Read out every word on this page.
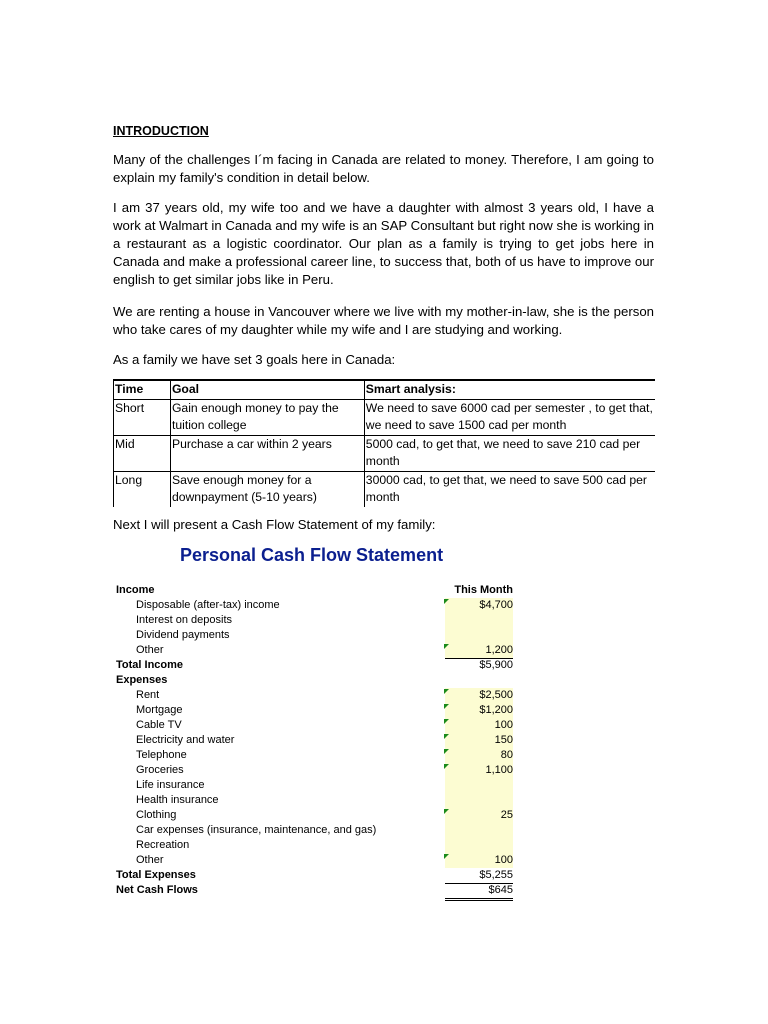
INTRODUCTION

Many of the challenges I´m facing in Canada are related to money. Therefore, I am going to explain my family's condition in detail below.

I am 37 years old, my wife too and we have a daughter with almost 3 years old, I have a work at Walmart in Canada and my wife is an SAP Consultant but right now she is working in a restaurant as a logistic coordinator. Our plan as a family is trying to get jobs here in Canada and make a professional career line, to success that, both of us have to improve our english to get similar jobs like in Peru.

We are renting a house in Vancouver where we live with my mother-in-law, she is the person who take cares of my daughter while my wife and I are studying and working.

As a family we have set 3 goals here in Canada:

Time	Goal	Smart analysis:
Short	Gain enough money to pay the tuition college	We need to save 6000 cad per semester , to get that, we need to save 1500 cad per month
Mid	Purchase a car within 2 years	5000 cad, to get that, we need to save 210 cad per month
Long	Save enough money for a downpayment (5-10 years)	30000 cad, to get that, we need to save 500 cad per month

Next I will present a Cash Flow Statement of my family:

Personal Cash Flow Statement
Income	This Month
Disposable (after-tax) income	$4,700
Interest on deposits
Dividend payments
Other	1,200
Total Income	$5,900
Expenses
Rent	$2,500
Mortgage	$1,200
Cable TV	100
Electricity and water	150
Telephone	80
Groceries	1,100
Life insurance
Health insurance
Clothing	25
Car expenses (insurance, maintenance, and gas)
Recreation
Other	100
Total Expenses	$5,255
Net Cash Flows	$645
